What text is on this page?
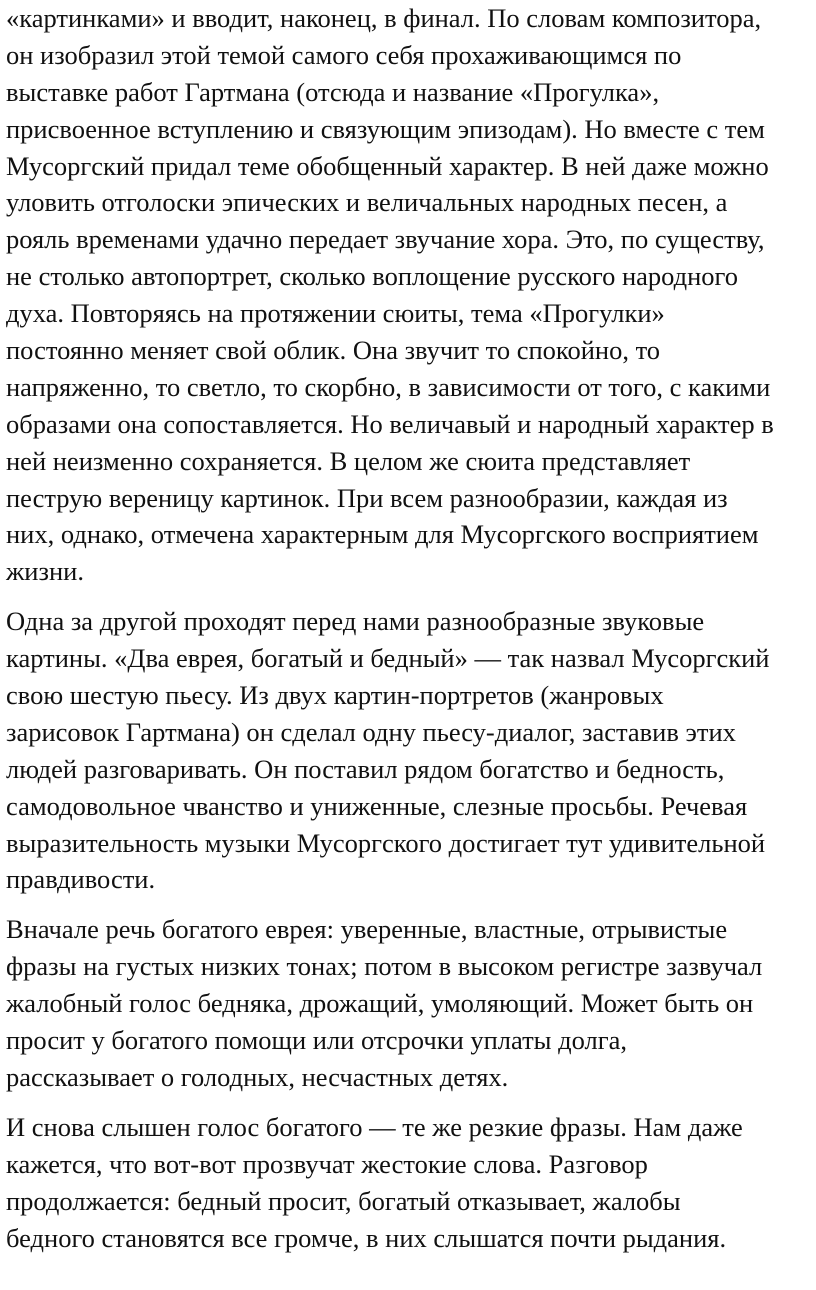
«картинками» и вводит, наконец, в финал. По словам композитора,
он изобразил этой темой самого себя прохаживающимся по
выставке работ Гартмана (отсюда и название «Прогулка»,
присвоенное вступлению и связующим эпизодам). Но вместе с тем
Мусоргский придал теме обобщенный характер. В ней даже можно
уловить отголоски эпических и величальных народных песен, а
рояль временами удачно передает звучание хора. Это, по существу,
не столько автопортрет, сколько воплощение русского народного
духа. Повторяясь на протяжении сюиты, тема «Прогулки»
постоянно меняет свой облик. Она звучит то спокойно, то
напряженно, то светло, то скорбно, в зависимости от того, с какими
образами она сопоставляется. Но величавый и народный характер в
ней неизменно сохраняется. В целом же сюита представляет
пеструю вереницу картинок. При всем разнообразии, каждая из
них, однако, отмечена характерным для Мусоргского восприятием
жизни.
Одна за другой проходят перед нами разнообразные звуковые
картины. «Два еврея, богатый и бедный» — так назвал Мусоргский
свою шестую пьесу. Из двух картин-портретов (жанровых
зарисовок Гартмана) он сделал одну пьесу-диалог, заставив этих
людей разговаривать. Он поставил рядом богатство и бедность,
самодовольное чванство и униженные, слезные просьбы. Речевая
выразительность музыки Мусоргского достигает тут удивительной
правдивости.
Вначале речь богатого еврея: уверенные, властные, отрывистые
фразы на густых низких тонах; потом в высоком регистре зазвучал
жалобный голос бедняка, дрожащий, умоляющий. Может быть он
просит у богатого помощи или отсрочки уплаты долга,
рассказывает о голодных, несчастных детях.
И снова слышен голос богатого — те же резкие фразы. Нам даже
кажется, что вот-вот прозвучат жестокие слова. Разговор
продолжается: бедный просит, богатый отказывает, жалобы
бедного становятся все громче, в них слышатся почти рыдания.
